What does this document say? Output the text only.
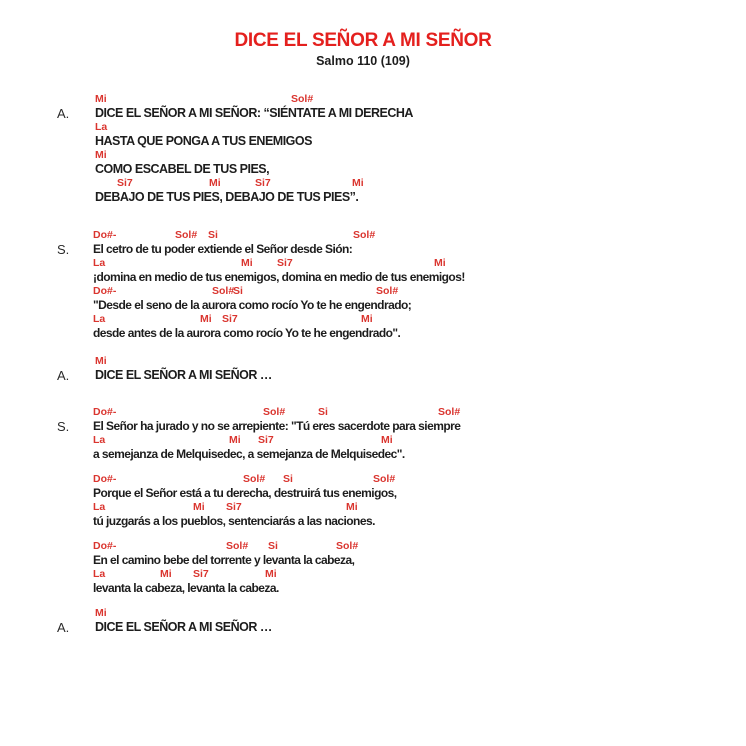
DICE EL SEÑOR A MI SEÑOR
Salmo 110 (109)
A.
Mi	Sol#
DICE EL SEÑOR A MI SEÑOR: “SIÉNTATE A MI DERECHA
La
HASTA QUE PONGA A TUS ENEMIGOS
Mi
COMO ESCABEL DE TUS PIES,
Si7	Mi	Si7	Mi
DEBAJO DE TUS PIES, DEBAJO DE TUS PIES”.
S.
Do#-	Sol# Si	Sol#
El cetro de tu poder extiende el Señor desde Sión:
La	Mi Si7	Mi
¡domina en medio de tus enemigos, domina en medio de tus enemigos!
Do#-	Sol#
Si	Sol#
"Desde el seno de la aurora como rocío Yo te he engendrado;
La	Mi Si7	Mi
desde antes de la aurora como rocío Yo te he engendrado".
A.
Mi
DICE EL SEÑOR A MI SEÑOR …
S.
Do#-	Sol#	Si	Sol#
El Señor ha jurado y no se arrepiente: "Tú eres sacerdote para siempre
La	Mi Si7	Mi
a semejanza de Melquisedec, a semejanza de Melquisedec".
Do#-	Sol# Si	Sol#
Porque el Señor está a tu derecha, destruirá tus enemigos,
La	Mi Si7	Mi
tú juzgarás a los pueblos, sentenciarás a las naciones.
Do#-	Sol# Si	Sol#
En el camino bebe del torrente y levanta la cabeza,
La	Mi Si7	Mi
levanta la cabeza, levanta la cabeza.
A.
Mi
DICE EL SEÑOR A MI SEÑOR …
